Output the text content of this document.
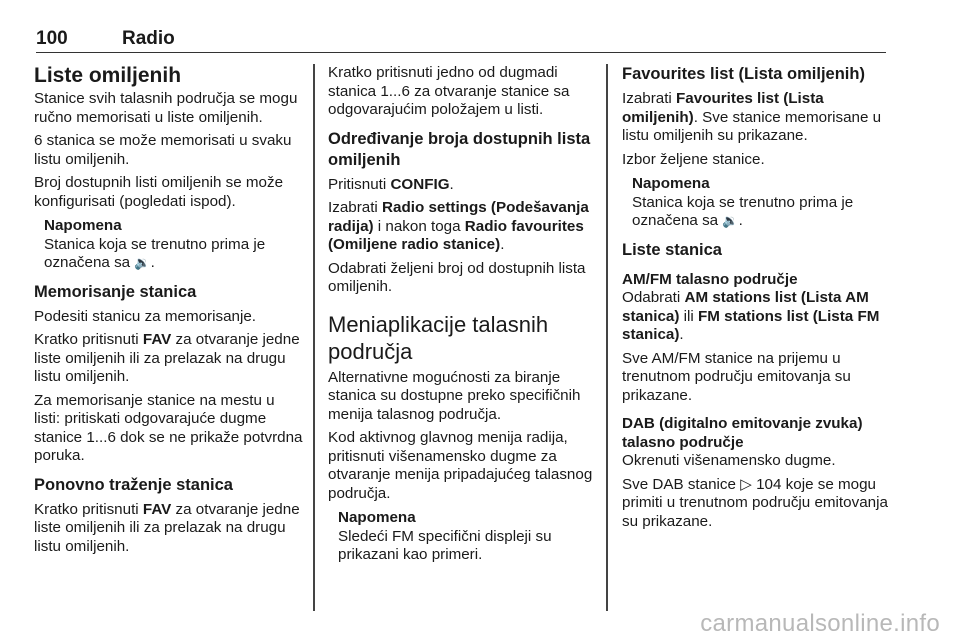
100	Radio
Liste omiljenih

Stanice svih talasnih područja se mogu ručno memorisati u liste omiljenih.

6 stanica se može memorisati u svaku listu omiljenih.

Broj dostupnih listi omiljenih se može konfigurisati (pogledati ispod).

Napomena
Stanica koja se trenutno prima je označena sa 🔉.
Memorisanje stanica

Podesiti stanicu za memorisanje.

Kratko pritisnuti FAV za otvaranje jedne liste omiljenih ili za prelazak na drugu listu omiljenih.

Za memorisanje stanice na mestu u listi: pritiskati odgovarajuće dugme stanice 1...6 dok se ne prikaže potvrdna poruka.

Ponovno traženje stanica

Kratko pritisnuti FAV za otvaranje jedne liste omiljenih ili za prelazak na drugu listu omiljenih.

Kratko pritisnuti jedno od dugmadi stanica 1...6 za otvaranje stanice sa odgovarajućim položajem u listi.

Određivanje broja dostupnih lista omiljenih

Pritisnuti CONFIG.

Izabrati Radio settings (Podešavanja radija) i nakon toga Radio favourites (Omiljene radio stanice).

Odabrati željeni broj od dostupnih lista omiljenih.

Meniaplikacije talasnih područja

Alternativne mogućnosti za biranje stanica su dostupne preko specifičnih menija talasnog područja.

Kod aktivnog glavnog menija radija, pritisnuti višenamensko dugme za otvaranje menija pripadajućeg talasnog područja.

Napomena
Sledeći FM specifični displeji su prikazani kao primeri.
Favourites list (Lista omiljenih)

Izabrati Favourites list (Lista omiljenih). Sve stanice memorisane u listu omiljenih su prikazane.

Izbor željene stanice.

Napomena
Stanica koja se trenutno prima je označena sa 🔉.
Liste stanica
AM/FM talasno područje

Odabrati AM stations list (Lista AM stanica) ili FM stations list (Lista FM stanica).

Sve AM/FM stanice na prijemu u trenutnom području emitovanja su prikazane.

DAB (digitalno emitovanje zvuka) talasno područje

Okrenuti višenamensko dugme.

Sve DAB stanice ▷ 104 koje se mogu primiti u trenutnom području emitovanja su prikazane.

carmanualsonline.info
